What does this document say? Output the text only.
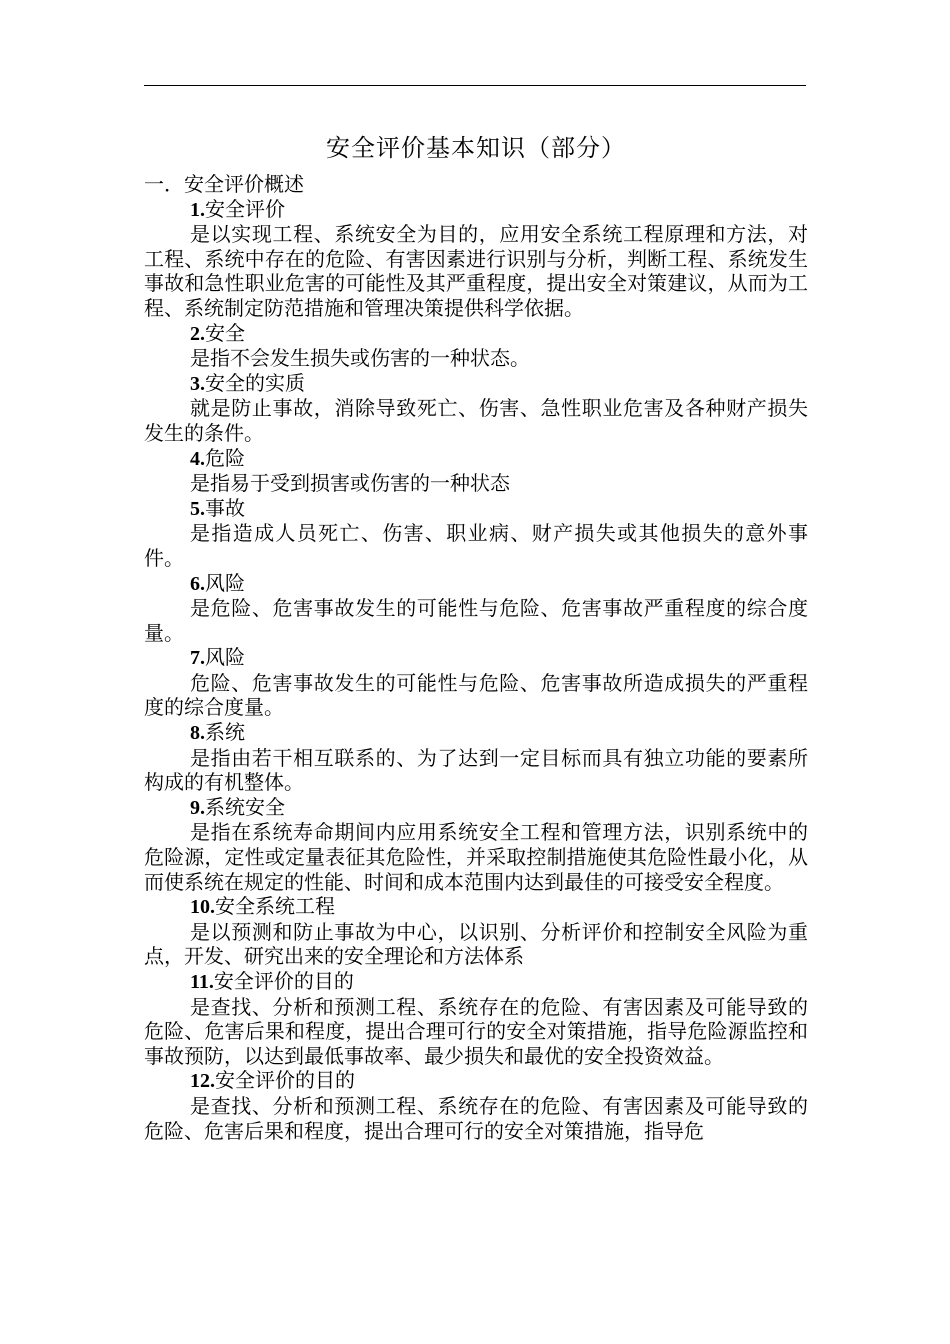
安全评价基本知识（部分）

一．安全评价概述

1.安全评价

是以实现工程、系统安全为目的，应用安全系统工程原理和方法，对工程、系统中存在的危险、有害因素进行识别与分析，判断工程、系统发生事故和急性职业危害的可能性及其严重程度，提出安全对策建议，从而为工程、系统制定防范措施和管理决策提供科学依据。

2.安全

是指不会发生损失或伤害的一种状态。

3.安全的实质

就是防止事故，消除导致死亡、伤害、急性职业危害及各种财产损失发生的条件。

4.危险

是指易于受到损害或伤害的一种状态

5.事故

是指造成人员死亡、伤害、职业病、财产损失或其他损失的意外事件。

6.风险

是危险、危害事故发生的可能性与危险、危害事故严重程度的综合度量。

7.风险

危险、危害事故发生的可能性与危险、危害事故所造成损失的严重程度的综合度量。

8.系统

是指由若干相互联系的、为了达到一定目标而具有独立功能的要素所构成的有机整体。

9.系统安全

是指在系统寿命期间内应用系统安全工程和管理方法，识别系统中的危险源，定性或定量表征其危险性，并采取控制措施使其危险性最小化，从而使系统在规定的性能、时间和成本范围内达到最佳的可接受安全程度。

10.安全系统工程

是以预测和防止事故为中心，以识别、分析评价和控制安全风险为重点，开发、研究出来的安全理论和方法体系

11.安全评价的目的

是查找、分析和预测工程、系统存在的危险、有害因素及可能导致的危险、危害后果和程度，提出合理可行的安全对策措施，指导危险源监控和事故预防，以达到最低事故率、最少损失和最优的安全投资效益。

12.安全评价的目的

是查找、分析和预测工程、系统存在的危险、有害因素及可能导致的危险、危害后果和程度，提出合理可行的安全对策措施，指导危
